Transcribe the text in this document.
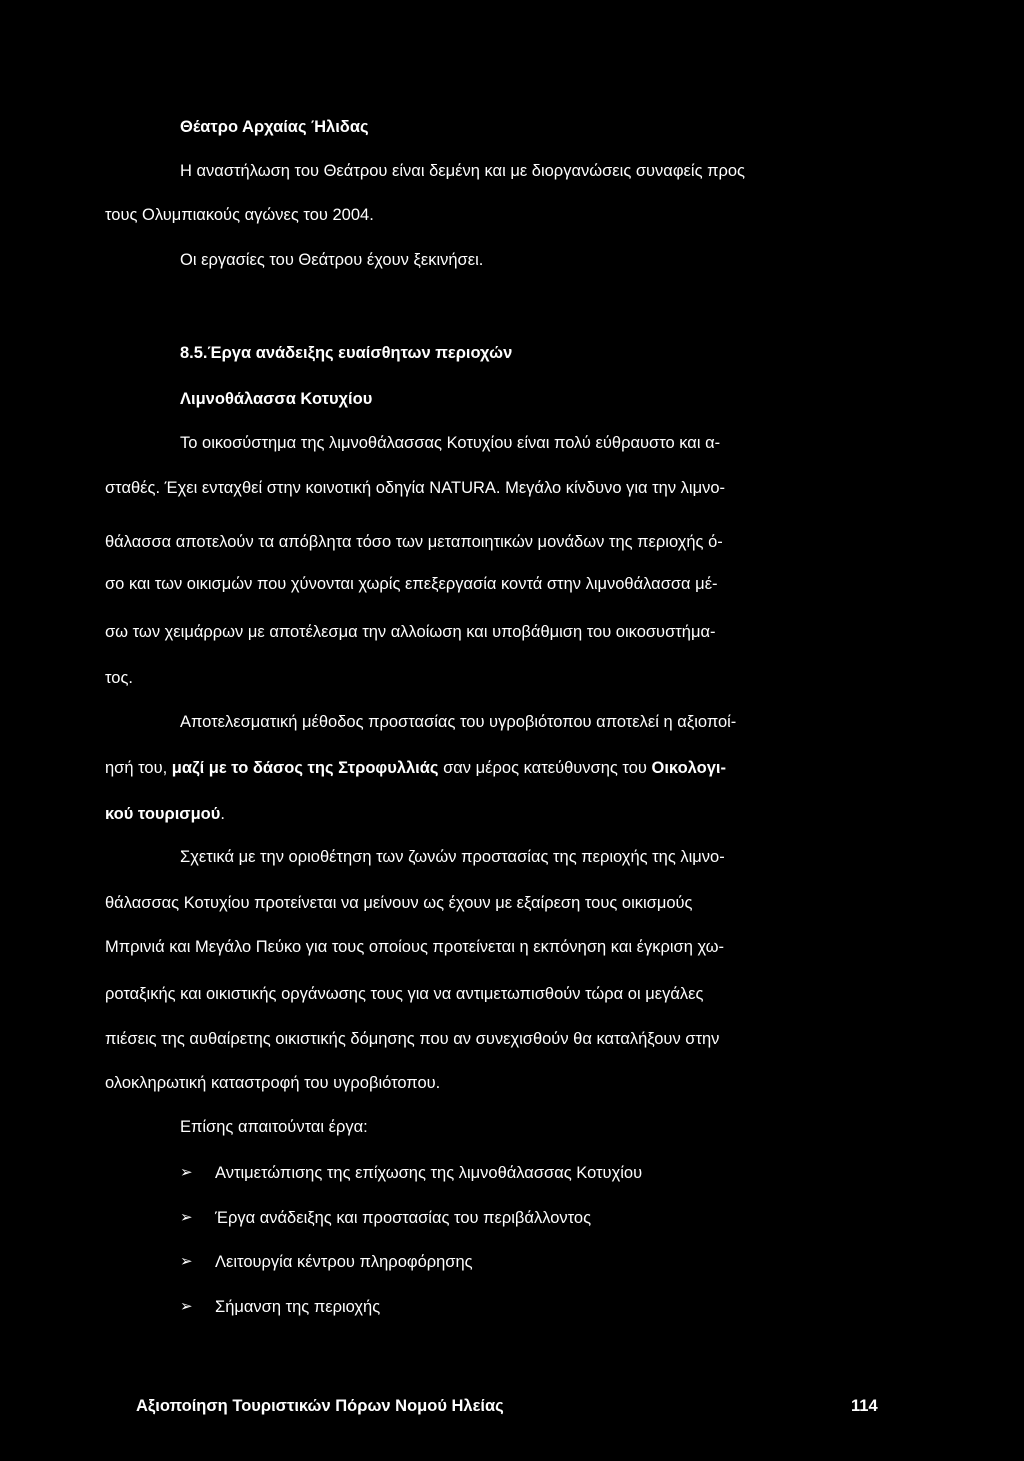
Θέατρο Αρχαίας Ήλιδας
Η αναστήλωση του Θεάτρου είναι δεμένη και με διοργανώσεις συναφείς προς
τους Ολυμπιακούς αγώνες του 2004.
Οι εργασίες του Θεάτρου έχουν ξεκινήσει.
8.5.Έργα ανάδειξης ευαίσθητων περιοχών
Λιμνοθάλασσα Κοτυχίου
Το οικοσύστημα της λιμνοθάλασσας Κοτυχίου είναι πολύ εύθραυστο και α-
σταθές. Έχει ενταχθεί στην κοινοτική οδηγία NATURA. Μεγάλο κίνδυνο για την λιμνο-
θάλασσα αποτελούν τα απόβλητα τόσο των μεταποιητικών μονάδων της περιοχής ό-
σο και των οικισμών που χύνονται χωρίς επεξεργασία κοντά στην λιμνοθάλασσα μέ-
σω των χειμάρρων με αποτέλεσμα την αλλοίωση και υποβάθμιση του οικοσυστήμα-
τος.
Αποτελεσματική μέθοδος προστασίας του υγροβιότοπου αποτελεί η αξιοποί-
ησή του, μαζί με το δάσος της Στροφυλλιάς σαν μέρος κατεύθυνσης του Οικολογι-
κού τουρισμού.
Σχετικά με την οριοθέτηση των ζωνών προστασίας της περιοχής της λιμνο-
θάλασσας Κοτυχίου προτείνεται να μείνουν ως έχουν με εξαίρεση τους οικισμούς
Μπρινιά και Μεγάλο Πεύκο για τους οποίους προτείνεται η εκπόνηση και έγκριση χω-
ροταξικής και οικιστικής οργάνωσης τους για να αντιμετωπισθούν τώρα οι μεγάλες
πιέσεις της αυθαίρετης οικιστικής δόμησης που αν συνεχισθούν θα καταλήξουν στην
ολοκληρωτική καταστροφή του υγροβιότοπου.
Επίσης απαιτούνται έργα:
➢ Αντιμετώπισης της επίχωσης της λιμνοθάλασσας Κοτυχίου
➢ Έργα ανάδειξης και προστασίας του περιβάλλοντος
➢ Λειτουργία κέντρου πληροφόρησης
➢ Σήμανση της περιοχής
Αξιοποίηση Τουριστικών Πόρων Νομού Ηλείας	114
